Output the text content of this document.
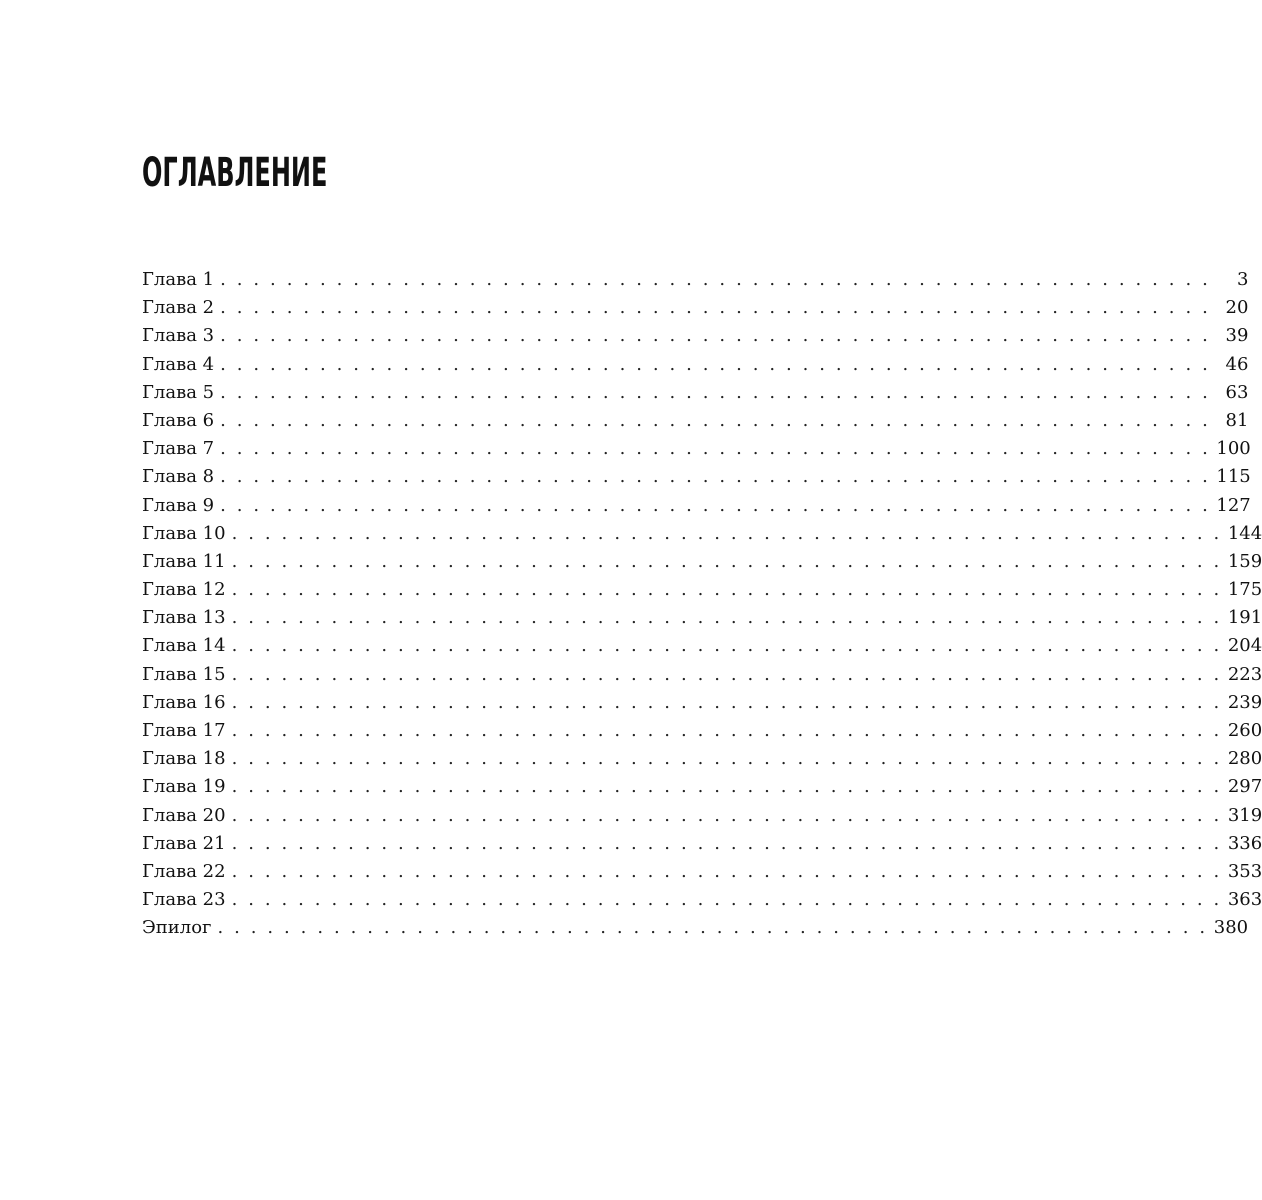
ОГЛАВЛЕНИЕ
Глава 1 . . . . . . . . . . . . . . . . . . . . . . . . . . . . . . . . . . . . . . . . . . . . . . . . . . . . . . . . . . . .	3
Глава 2 . . . . . . . . . . . . . . . . . . . . . . . . . . . . . . . . . . . . . . . . . . . . . . . . . . . . . . . . . . . . 20
Глава 3 . . . . . . . . . . . . . . . . . . . . . . . . . . . . . . . . . . . . . . . . . . . . . . . . . . . . . . . . . . . . 39
Глава 4 . . . . . . . . . . . . . . . . . . . . . . . . . . . . . . . . . . . . . . . . . . . . . . . . . . . . . . . . . . . . 46
Глава 5 . . . . . . . . . . . . . . . . . . . . . . . . . . . . . . . . . . . . . . . . . . . . . . . . . . . . . . . . . . . . 63
Глава 6 . . . . . . . . . . . . . . . . . . . . . . . . . . . . . . . . . . . . . . . . . . . . . . . . . . . . . . . . . . . . 81
Глава 7 . . . . . . . . . . . . . . . . . . . . . . . . . . . . . . . . . . . . . . . . . . . . . . . . . . . . . . . . . . . . 100
Глава 8 . . . . . . . . . . . . . . . . . . . . . . . . . . . . . . . . . . . . . . . . . . . . . . . . . . . . . . . . . . . . 115
Глава 9 . . . . . . . . . . . . . . . . . . . . . . . . . . . . . . . . . . . . . . . . . . . . . . . . . . . . . . . . . . . . 127
Глава 10 . . . . . . . . . . . . . . . . . . . . . . . . . . . . . . . . . . . . . . . . . . . . . . . . . . . . . . . . . . . . 144
Глава 11 . . . . . . . . . . . . . . . . . . . . . . . . . . . . . . . . . . . . . . . . . . . . . . . . . . . . . . . . . . . . 159
Глава 12 . . . . . . . . . . . . . . . . . . . . . . . . . . . . . . . . . . . . . . . . . . . . . . . . . . . . . . . . . . . . 175
Глава 13 . . . . . . . . . . . . . . . . . . . . . . . . . . . . . . . . . . . . . . . . . . . . . . . . . . . . . . . . . . . . 191
Глава 14 . . . . . . . . . . . . . . . . . . . . . . . . . . . . . . . . . . . . . . . . . . . . . . . . . . . . . . . . . . . . 204
Глава 15 . . . . . . . . . . . . . . . . . . . . . . . . . . . . . . . . . . . . . . . . . . . . . . . . . . . . . . . . . . . . 223
Глава 16 . . . . . . . . . . . . . . . . . . . . . . . . . . . . . . . . . . . . . . . . . . . . . . . . . . . . . . . . . . . . 239
Глава 17 . . . . . . . . . . . . . . . . . . . . . . . . . . . . . . . . . . . . . . . . . . . . . . . . . . . . . . . . . . . . 260
Глава 18 . . . . . . . . . . . . . . . . . . . . . . . . . . . . . . . . . . . . . . . . . . . . . . . . . . . . . . . . . . . . 280
Глава 19 . . . . . . . . . . . . . . . . . . . . . . . . . . . . . . . . . . . . . . . . . . . . . . . . . . . . . . . . . . . . 297
Глава 20 . . . . . . . . . . . . . . . . . . . . . . . . . . . . . . . . . . . . . . . . . . . . . . . . . . . . . . . . . . . . 319
Глава 21 . . . . . . . . . . . . . . . . . . . . . . . . . . . . . . . . . . . . . . . . . . . . . . . . . . . . . . . . . . . . 336
Глава 22 . . . . . . . . . . . . . . . . . . . . . . . . . . . . . . . . . . . . . . . . . . . . . . . . . . . . . . . . . . . . 353
Глава 23 . . . . . . . . . . . . . . . . . . . . . . . . . . . . . . . . . . . . . . . . . . . . . . . . . . . . . . . . . . . . 363
Эпилог . . . . . . . . . . . . . . . . . . . . . . . . . . . . . . . . . . . . . . . . . . . . . . . . . . . . . . . . . . . . 380
